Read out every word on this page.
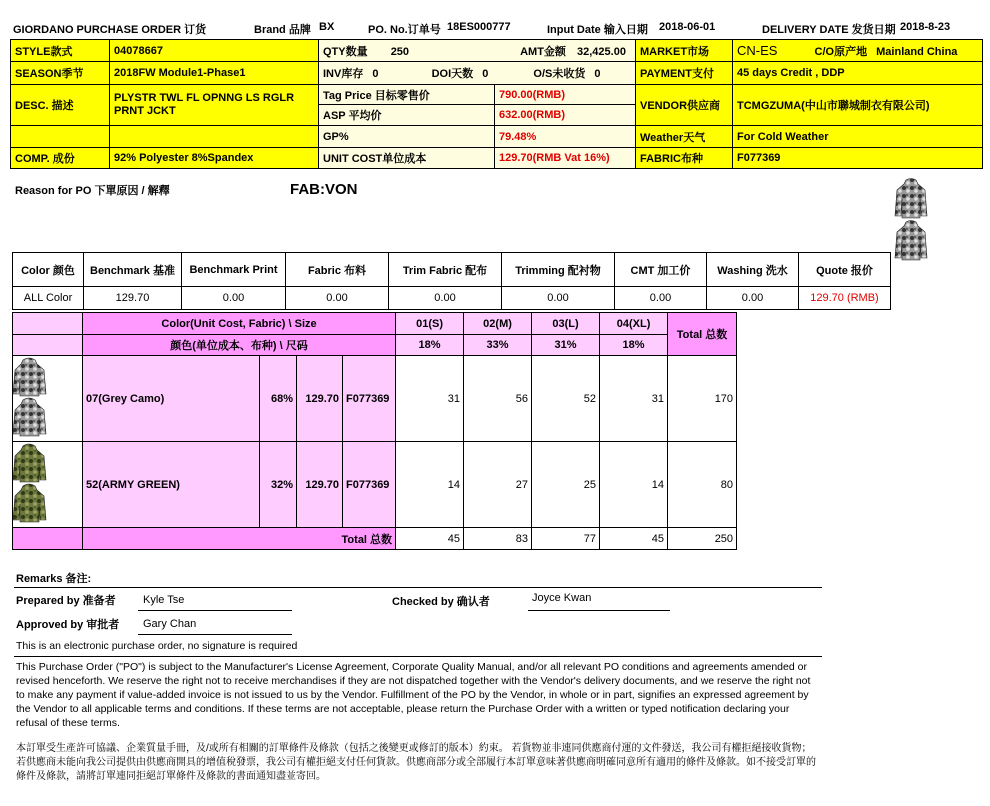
GIORDANO PURCHASE ORDER 订货	Brand 品牌 BX	PO. No.订单号 18ES000777	Input Date 输入日期 2018-06-01	DELIVERY DATE 发货日期 2018-8-23
STYLE款式	04078667	QTY数量 250 AMT金额 32,425.00		MARKET市场	CN-ES C/O原产地 Mainland China
SEASON季节	2018FW Module1-Phase1	INV库存 0 DOI天数 0 O/S未收货 0		PAYMENT支付	45 days Credit , DDP
DESC. 描述	PLYSTR TWL FL OPNNG LS RGLR PRNT JCKT	Tag Price 目标零售价	790.00(RMB)	VENDOR供应商	TCMGZUMA(中山市聯城制衣有限公司)
		ASP 平均价	632.00(RMB)		
		GP%	79.48%	Weather天气	For Cold Weather
COMP. 成份	92% Polyester 8%Spandex	UNIT COST单位成本	129.70(RMB Vat 16%)	FABRIC布种	F077369
Reason for PO 下單原因 / 解釋	FAB:VON
Color 颜色	Benchmark 基准	Benchmark Print	Fabric 布料	Trim Fabric 配布	Trimming 配衬物	CMT 加工价	Washing 洗水	Quote 报价
ALL Color	129.70	0.00	0.00	0.00	0.00	0.00	0.00	129.70 (RMB)
	Color(Unit Cost, Fabric) \ Size				01(S)	02(M)	03(L)	04(XL)	Total 总数
	颜色(单位成本、布种) \ 尺码				18%	33%	31%	18%	
	07(Grey Camo)	68%	129.70	F077369	31	56	52	31	170
	52(ARMY GREEN)	32%	129.70	F077369	14	27	25	14	80
	Total 总数				45	83	77	45	250
Remarks 备注:
Prepared by 准备者 Kyle Tse	Checked by 确认者	Joyce Kwan
Approved by 审批者 Gary Chan
This is an electronic purchase order, no signature is required
This Purchase Order ("PO") is subject to the Manufacturer's License Agreement, Corporate Quality Manual, and/or all relevant PO conditions and agreements amended or revised henceforth. We reserve the right not to receive merchandises if they are not dispatched together with the Vendor's delivery documents, and we reserve the right not to make any payment if value-added invoice is not issued to us by the Vendor. Fulfillment of the PO by the Vendor, in whole or in part, signifies an expressed agreement by the Vendor to all applicable terms and conditions. If these terms are not acceptable, please return the Purchase Order with a written or typed notification declaring your refusal of these terms.
本訂單受生產許可協議、企業質量手冊，及/或所有相關的訂單條件及條款（包括之後變更或修訂的版本）約束。 若貨物並非連同供應商付運的文件發送，我公司有權拒絕接收貨物；若供應商未能向我公司提供由供應商開具的增值稅發票，我公司有權拒絕支付任何貨款。供應商部分或全部履行本訂單意味著供應商明確同意所有適用的條件及條款。如不接受訂單的條件及條款，請將訂單連同拒絕訂單條件及條款的書面通知盡並寄回。
